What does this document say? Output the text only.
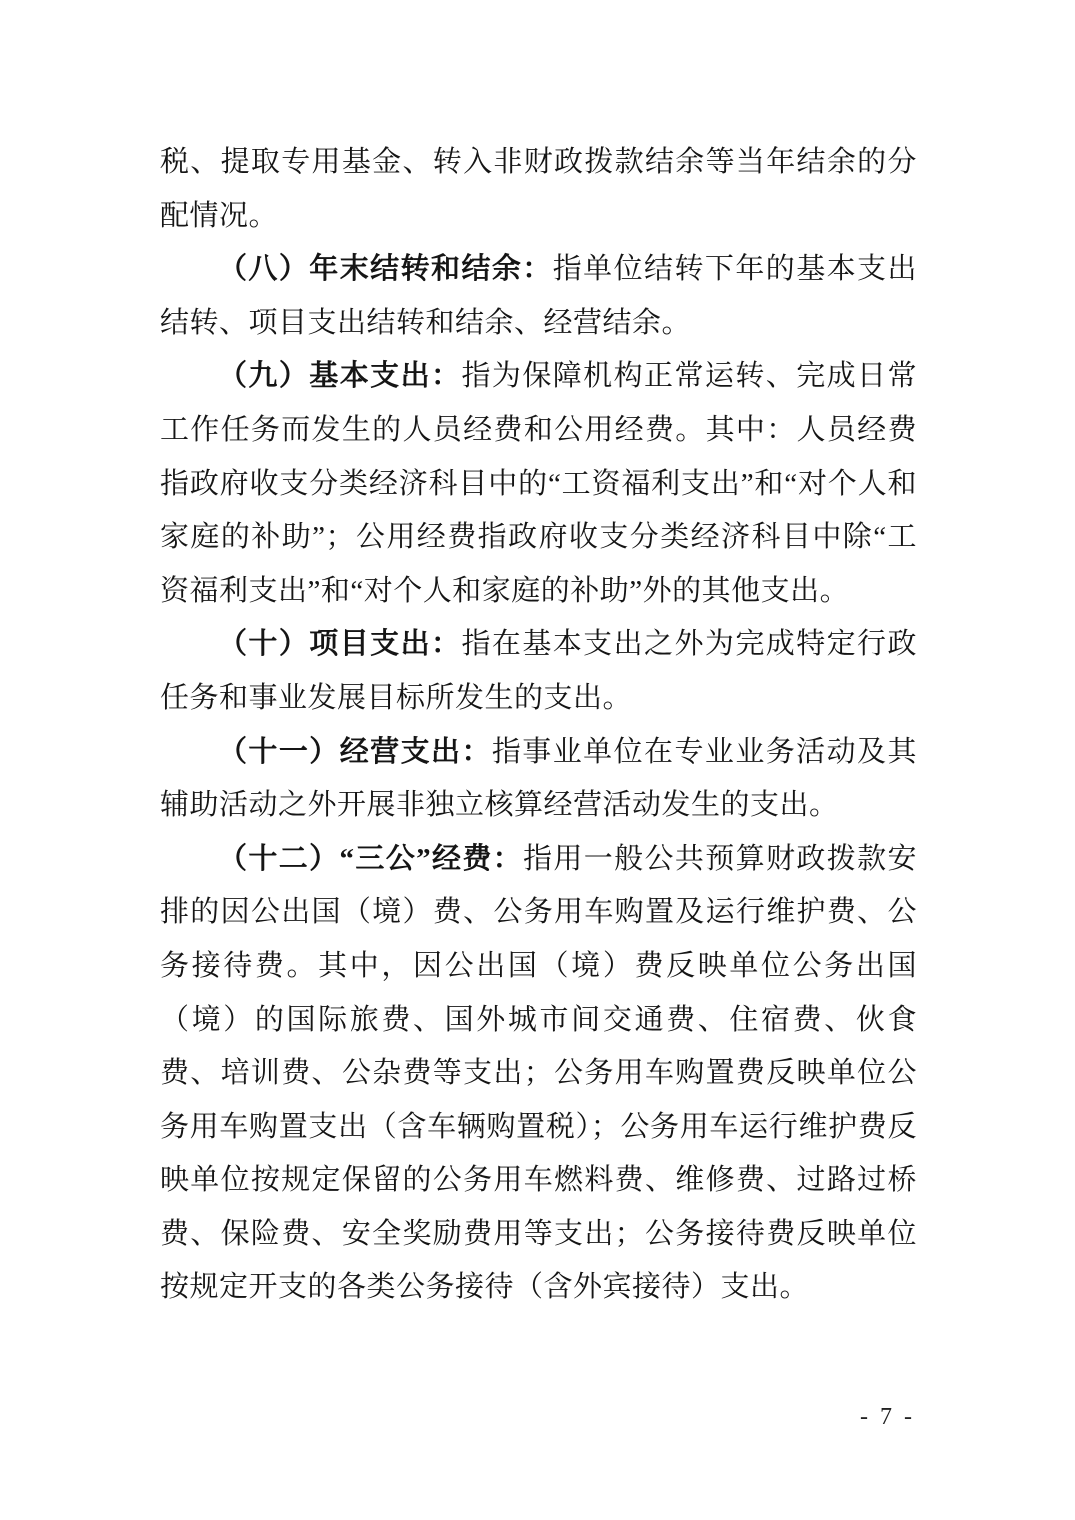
税、提取专用基金、转入非财政拨款结余等当年结余的分配情况。

（八）年末结转和结余：指单位结转下年的基本支出结转、项目支出结转和结余、经营结余。

（九）基本支出：指为保障机构正常运转、完成日常工作任务而发生的人员经费和公用经费。其中：人员经费指政府收支分类经济科目中的“工资福利支出”和“对个人和家庭的补助”；公用经费指政府收支分类经济科目中除“工资福利支出”和“对个人和家庭的补助”外的其他支出。

（十）项目支出：指在基本支出之外为完成特定行政任务和事业发展目标所发生的支出。

（十一）经营支出：指事业单位在专业业务活动及其辅助活动之外开展非独立核算经营活动发生的支出。

（十二）“三公”经费：指用一般公共预算财政拨款安排的因公出国（境）费、公务用车购置及运行维护费、公务接待费。其中，因公出国（境）费反映单位公务出国（境）的国际旅费、国外城市间交通费、住宿费、伙食费、培训费、公杂费等支出；公务用车购置费反映单位公务用车购置支出（含车辆购置税）；公务用车运行维护费反映单位按规定保留的公务用车燃料费、维修费、过路过桥费、保险费、安全奖励费用等支出；公务接待费反映单位按规定开支的各类公务接待（含外宾接待）支出。

- 7 -
